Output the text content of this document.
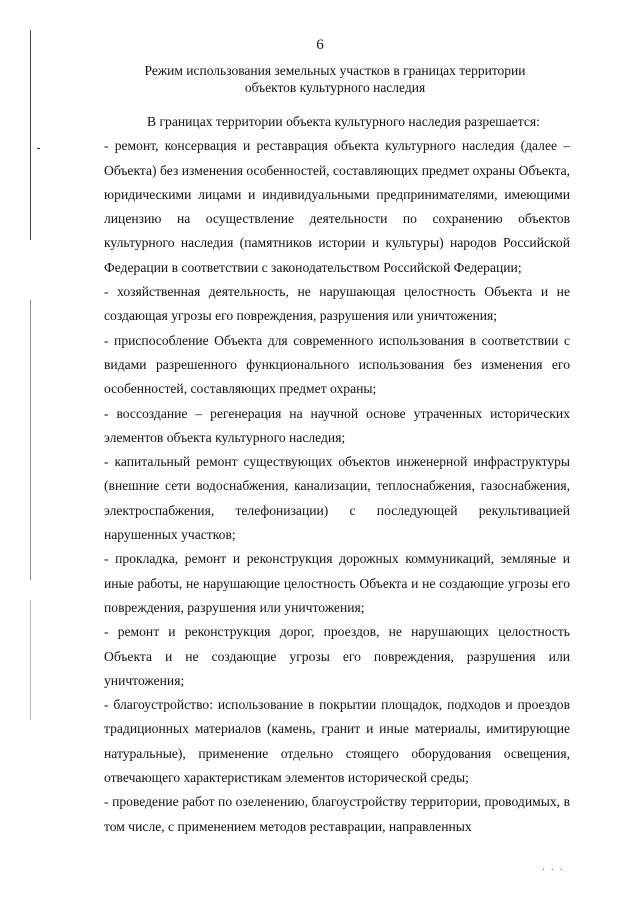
6
Режим использования земельных участков в границах территории
объектов культурного наследия

В границах территории объекта культурного наследия разрешается:

- ремонт, консервация и реставрация объекта культурного наследия (далее – Объекта) без изменения особенностей, составляющих предмет охраны Объекта, юридическими лицами и индивидуальными предпринимателями, имеющими лицензию на осуществление деятельности по сохранению объектов культурного наследия (памятников истории и культуры) народов Российской Федерации в соответствии с законодательством Российской Федерации;

- хозяйственная деятельность, не нарушающая целостность Объекта и не создающая угрозы его повреждения, разрушения или уничтожения;

- приспособление Объекта для современного использования в соответствии с видами разрешенного функционального использования без изменения его особенностей, составляющих предмет охраны;

- воссоздание – регенерация на научной основе утраченных исторических элементов объекта культурного наследия;

- капитальный ремонт существующих объектов инженерной инфраструктуры (внешние сети водоснабжения, канализации, теплоснабжения, газоснабжения, электроспабжения, телефонизации) с последующей рекультивацией нарушенных участков;

- прокладка, ремонт и реконструкция дорожных коммуникаций, земляные и иные работы, не нарушающие целостность Объекта и не создающие угрозы его повреждения, разрушения или уничтожения;

- ремонт и реконструкция дорог, проездов, не нарушающих целостность Объекта и не создающие угрозы его повреждения, разрушения или уничтожения;

- благоустройство: использование в покрытии площадок, подходов и проездов традиционных материалов (камень, гранит и иные материалы, имитирующие натуральные), применение отдельно стоящего оборудования освещения, отвечающего характеристикам элементов исторической среды;

- проведение работ по озеленению, благоустройству территории, проводимых, в том числе, с применением методов реставрации, направленных

. . .
